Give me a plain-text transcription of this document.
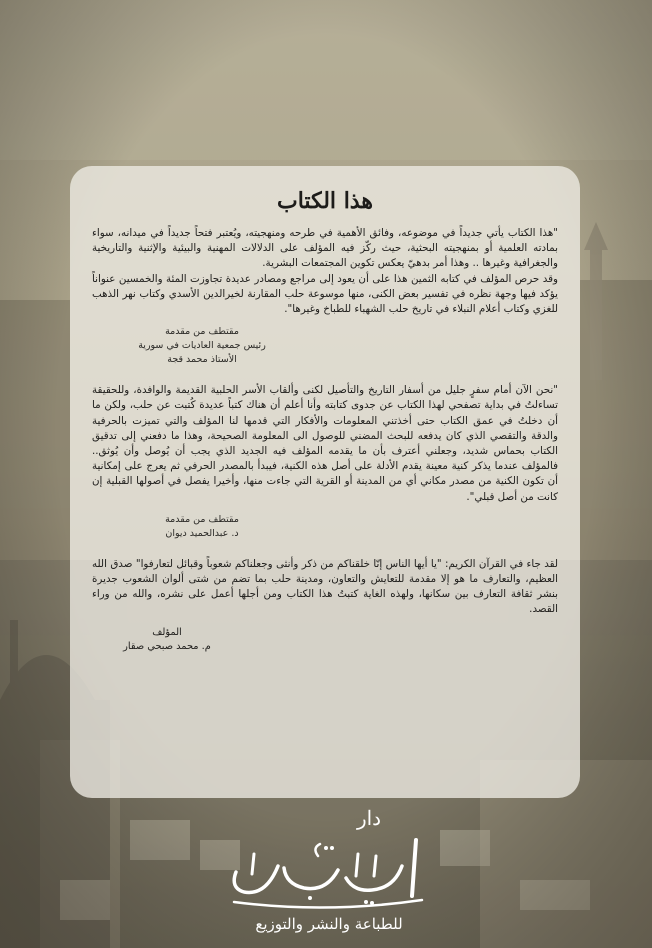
هذا الكتاب

"هذا الكتاب يأتي جديداً في موضوعه، وفائق الأهمية في طرحه ومنهجيته، ويُعتبر فتحاً جديداً في ميدانه، سواء بمادته العلمية أو بمنهجيته البحثية، حيث ركّز فيه المؤلف على الدلالات المهنية والبيئية والإثنية والتاريخية والجغرافية وغيرها .. وهذا أمر بدهيّ يعكس تكوين المجتمعات البشرية.

وقد حرص المؤلف في كتابه الثمين هذا على أن يعود إلى مراجع ومصادر عديدة تجاوزت المئة والخمسين عنواناً يؤكد فيها وجهة نظره في تفسير بعض الكنى، منها موسوعة حلب المقارنة لخيرالدين الأسدي وكتاب نهر الذهب للغزي وكتاب أعلام النبلاء في تاريخ حلب الشهباء للطباخ وغيرها".

مقتطف من مقدمة
رئيس جمعية العاديات في سورية
الأستاذ محمد قجة

"نحن الآن أمام سفرٍ جليل من أسفار التاريخ والتأصيل لكنى وألقاب الأسر الحلبية القديمة والوافدة، وللحقيقة تساءلتُ في بداية تصفحي لهذا الكتاب عن جدوى كتابته وأنا أعلم أن هناك كتباً عديدة كُتبت عن حلب، ولكن ما أن دخلتُ في عمق الكتاب حتى أخذتني المعلومات والأفكار التي قدمها لنا المؤلف والتي تميزت بالحرفية والدقة والتقصي الذي كان يدفعه للبحث المضني للوصول الى المعلومة الصحيحة، وهذا ما دفعني إلى تدقيق الكتاب بحماس شديد، وجعلني أعترف بأن ما يقدمه المؤلف فيه الجديد الذي يجب أن يُوصل وأن يُوثق.. فالمؤلف عندما يذكر كنية معينة يقدم الأدلة على أصل هذه الكنية، فيبدأ بالمصدر الحرفي ثم يعرج على إمكانية أن تكون الكنية من مصدر مكاني أي من المدينة أو القرية التي جاءت منها، وأخيرا يفصل في أصولها القبلية إن كانت من أصل قبلي".

مقتطف من مقدمة
د. عبدالحميد ديوان

لقد جاء في القرآن الكريم: "يا أيها الناس إنّا خلقناكم من ذكر وأنثى وجعلناكم شعوباً وقبائل لتعارفوا" صدق الله العظيم، والتعارف ما هو إلا مقدمة للتعايش والتعاون، ومدينة حلب بما تضم من شتى ألوان الشعوب جديرة بنشر ثقافة التعارف بين سكانها، ولهذه الغاية كتبتُ هذا الكتاب ومن أجلها أعمل على نشره، والله من وراء القصد.

المؤلف
م. محمد صبحي صقار
دار
للطباعة والنشر والتوزيع
